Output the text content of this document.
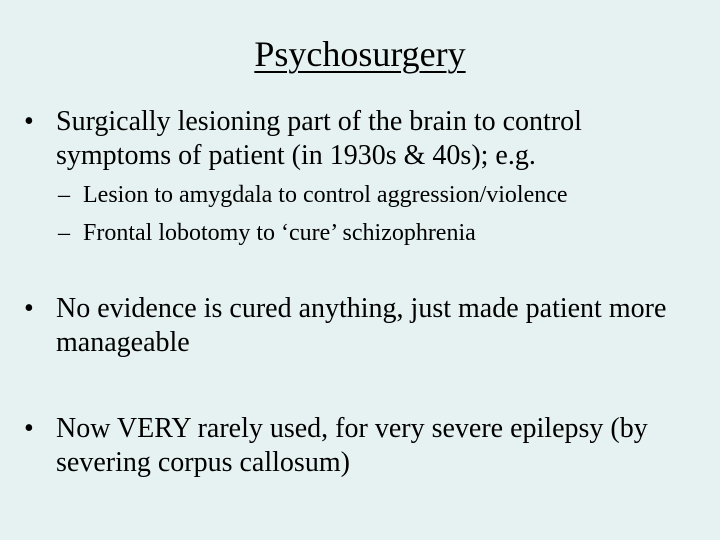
Psychosurgery
• Surgically lesioning part of the brain to control symptoms of patient (in 1930s & 40s); e.g.
– Lesion to amygdala to control aggression/violence
– Frontal lobotomy to ‘cure’ schizophrenia
• No evidence is cured anything, just made patient more manageable
• Now VERY rarely used, for very severe epilepsy (by severing corpus callosum)
